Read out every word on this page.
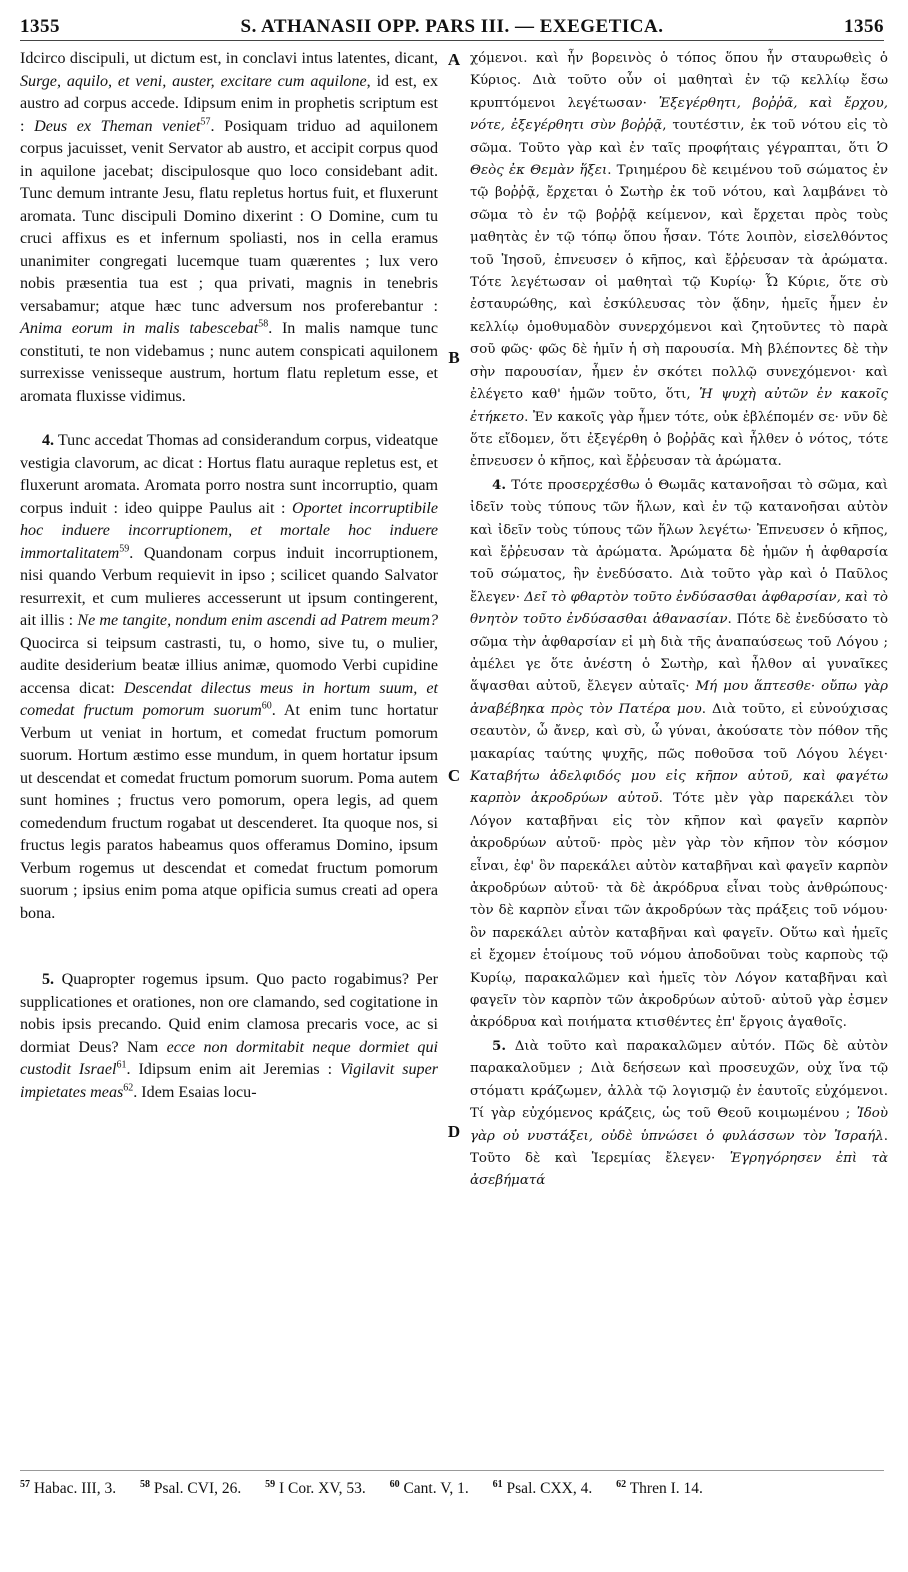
1355	S. ATHANASII OPP. PARS III. — EXEGETICA.	1356

Idcirco discipuli, ut dictum est, in conclavi intus latentes, dicant, Surge, aquilo, et veni, auster, excitare cum aquilone, id est, ex austro ad corpus accede. Idipsum enim in prophetis scriptum est : Deus ex Theman veniet$^{57}$. Posiquam triduo ad aquilonem corpus jacuisset, venit Servator ab austro, et accipit corpus quod in aquilone jacebat; discipulosque quo loco considebant adit. Tunc demum intrante Jesu, flatu repletus hortus fuit, et fluxerunt aromata. Tunc discipuli Domino dixerint : O Domine, cum tu cruci affixus es et infernum spoliasti, nos in cella eramus unanimiter congregati lucemque tuam quærentes ; lux vero nobis præsentia tua est ; qua privati, magnis in tenebris versabamur; atque hæc tunc adversum nos proferebantur : Anima eorum in malis tabescebat$^{58}$. In malis namque tunc constituti, te non videbamus ; nunc autem conspicati aquilonem surrexisse venisseque austrum, hortum flatu repletum esse, et aromata fluxisse vidimus.

4. Tunc accedat Thomas ad considerandum corpus, videatque vestigia clavorum, ac dicat : Hortus flatu auraque repletus est, et fluxerunt aromata. Aromata porro nostra sunt incorruptio, quam corpus induit : ideo quippe Paulus ait : Oportet incorruptibile hoc induere incorruptionem, et mortale hoc induere immortalitatem$^{59}$. Quandonam corpus induit incorruptionem, nisi quando Verbum requievit in ipso ; scilicet quando Salvator resurrexit, et cum mulieres accesserunt ut ipsum contingerent, ait illis : Ne me tangite, nondum enim ascendi ad Patrem meum? Quocirca si teipsum castrasti, tu, o homo, sive tu, o mulier, audite desiderium beatæ illius animæ, quomodo Verbi cupidine accensa dicat: Descendat dilectus meus in hortum suum, et comedat fructum pomorum suorum$^{60}$. At enim tunc hortatur Verbum ut veniat in hortum, et comedat fructum pomorum suorum. Hortum æstimo esse mundum, in quem hortatur ipsum ut descendat et comedat fructum pomorum suorum. Poma autem sunt homines ; fructus vero pomorum, opera legis, ad quem comedendum fructum rogabat ut descenderet. Ita quoque nos, si fructus legis paratos habeamus quos offeramus Domino, ipsum Verbum rogemus ut descendat et comedat fructum pomorum suorum ; ipsius enim poma atque opificia sumus creati ad opera bona.

5. Quapropter rogemus ipsum. Quo pacto rogabimus? Per supplicationes et orationes, non ore clamando, sed cogitatione in nobis ipsis precando. Quid enim clamosa precaris voce, ac si dormiat Deus? Nam ecce non dormitabit neque dormiet qui custodit Israel$^{61}$. Idipsum enim ait Jeremias : Vigilavit super impietates meas$^{62}$. Idem Esaias locu-

A
B
C
D

χόμενοι. καὶ ἦν βορεινὸς ὁ τόπος ὅπου ἦν σταυρωθεὶς ὁ Κύριος. Διὰ τοῦτο οὖν οἱ μαθηταὶ ἐν τῷ κελλίῳ ἔσω κρυπτόμενοι λεγέτωσαν· Ἐξεγέρθητι, βοῤῥᾶ, καὶ ἔρχου, νότε, ἐξεγέρθητι σὺν βοῤῥᾷ, τουτέστιν, ἐκ τοῦ νότου εἰς τὸ σῶμα. Τοῦτο γὰρ καὶ ἐν ταῖς προφήταις γέγραπται, ὅτι Ὁ Θεὸς ἐκ Θεμὰν ἥξει. Τριημέρου δὲ κειμένου τοῦ σώματος ἐν τῷ βοῤῥᾷ, ἔρχεται ὁ Σωτὴρ ἐκ τοῦ νότου, καὶ λαμβάνει τὸ σῶμα τὸ ἐν τῷ βοῤῥᾷ κείμενον, καὶ ἔρχεται πρὸς τοὺς μαθητὰς ἐν τῷ τόπῳ ὅπου ἦσαν. Τότε λοιπὸν, εἰσελθόντος τοῦ Ἰησοῦ, ἐπνευσεν ὁ κῆπος, καὶ ἔῤῥευσαν τὰ ἀρώματα. Τότε λεγέτωσαν οἱ μαθηταὶ τῷ Κυρίῳ· Ὦ Κύριε, ὅτε σὺ ἐσταυρώθης, καὶ ἐσκύλευσας τὸν ᾅδην, ἡμεῖς ἦμεν ἐν κελλίῳ ὁμοθυμαδὸν συνερχόμενοι καὶ ζητοῦντες τὸ παρὰ σοῦ φῶς· φῶς δὲ ἡμῖν ἡ σὴ παρουσία. Μὴ βλέποντες δὲ τὴν σὴν παρουσίαν, ἦμεν ἐν σκότει πολλῷ συνεχόμενοι· καὶ ἐλέγετο καθ' ἡμῶν τοῦτο, ὅτι, Ἡ ψυχὴ αὐτῶν ἐν κακοῖς ἐτήκετο. Ἐν κακοῖς γὰρ ἦμεν τότε, οὐκ ἐβλέπομέν σε· νῦν δὲ ὅτε εἴδομεν, ὅτι ἐξεγέρθη ὁ βοῤῥᾶς καὶ ἦλθεν ὁ νότος, τότε ἐπνευσεν ὁ κῆπος, καὶ ἔῤῥευσαν τὰ ἀρώματα.

4. Τότε προσερχέσθω ὁ Θωμᾶς κατανοῆσαι τὸ σῶμα, καὶ ἰδεῖν τοὺς τύπους τῶν ἥλων, καὶ ἐν τῷ κατανοῆσαι αὐτὸν καὶ ἰδεῖν τοὺς τύπους τῶν ἥλων λεγέτω· Ἐπνευσεν ὁ κῆπος, καὶ ἔῤῥευσαν τὰ ἀρώματα. Ἀρώματα δὲ ἡμῶν ἡ ἀφθαρσία τοῦ σώματος, ἣν ἐνεδύσατο. Διὰ τοῦτο γὰρ καὶ ὁ Παῦλος ἔλεγεν· Δεῖ τὸ φθαρτὸν τοῦτο ἐνδύσασθαι ἀφθαρσίαν, καὶ τὸ θνητὸν τοῦτο ἐνδύσασθαι ἀθανασίαν. Πότε δὲ ἐνεδύσατο τὸ σῶμα τὴν ἀφθαρσίαν εἰ μὴ διὰ τῆς ἀναπαύσεως τοῦ Λόγου ; ἀμέλει γε ὅτε ἀνέστη ὁ Σωτὴρ, καὶ ἦλθον αἱ γυναῖκες ἅψασθαι αὐτοῦ, ἔλεγεν αὐταῖς· Μή μου ἅπτεσθε· οὔπω γὰρ ἀναβέβηκα πρὸς τὸν Πατέρα μου. Διὰ τοῦτο, εἰ εὐνούχισας σεαυτὸν, ὦ ἄνερ, καὶ σὺ, ὦ γύναι, ἀκούσατε τὸν πόθον τῆς μακαρίας ταύτης ψυχῆς, πῶς ποθοῦσα τοῦ Λόγου λέγει· Καταβήτω ἀδελφιδός μου εἰς κῆπον αὐτοῦ, καὶ φαγέτω καρπὸν ἀκροδρύων αὐτοῦ. Τότε μὲν γὰρ παρεκάλει τὸν Λόγον καταβῆναι εἰς τὸν κῆπον καὶ φαγεῖν καρπὸν ἀκροδρύων αὐτοῦ· πρὸς μὲν γὰρ τὸν κῆπον τὸν κόσμον εἶναι, ἐφ' ὃν παρεκάλει αὐτὸν καταβῆναι καὶ φαγεῖν καρπὸν ἀκροδρύων αὐτοῦ· τὰ δὲ ἀκρόδρυα εἶναι τοὺς ἀνθρώπους· τὸν δὲ καρπὸν εἶναι τῶν ἀκροδρύων τὰς πράξεις τοῦ νόμου· ὃν παρεκάλει αὐτὸν καταβῆναι καὶ φαγεῖν. Οὕτω καὶ ἡμεῖς εἰ ἔχομεν ἑτοίμους τοῦ νόμου ἀποδοῦναι τοὺς καρποὺς τῷ Κυρίῳ, παρακαλῶμεν καὶ ἡμεῖς τὸν Λόγον καταβῆναι καὶ φαγεῖν τὸν καρπὸν τῶν ἀκροδρύων αὐτοῦ· αὐτοῦ γὰρ ἐσμεν ἀκρόδρυα καὶ ποιήματα κτισθέντες ἐπ' ἔργοις ἀγαθοῖς.

5. Διὰ τοῦτο καὶ παρακαλῶμεν αὐτόν. Πῶς δὲ αὐτὸν παρακαλοῦμεν ; Διὰ δεήσεων καὶ προσευχῶν, οὐχ ἵνα τῷ στόματι κράζωμεν, ἀλλὰ τῷ λογισμῷ ἐν ἑαυτοῖς εὐχόμενοι. Τί γὰρ εὐχόμενος κράζεις, ὡς τοῦ Θεοῦ κοιμωμένου ; Ἰδοὺ γὰρ οὐ νυστάξει, οὐδὲ ὑπνώσει ὁ φυλάσσων τὸν Ἰσραήλ. Τοῦτο δὲ καὶ Ἱερεμίας ἔλεγεν· Ἐγρηγόρησεν ἐπὶ τὰ ἀσεβήματά

$^{57}$ Habac. III, 3. $^{58}$ Psal. CVI, 26. $^{59}$ I Cor. XV, 53. $^{60}$ Cant. V, 1. $^{61}$ Psal. CXX, 4. $^{62}$ Thren I. 14.
